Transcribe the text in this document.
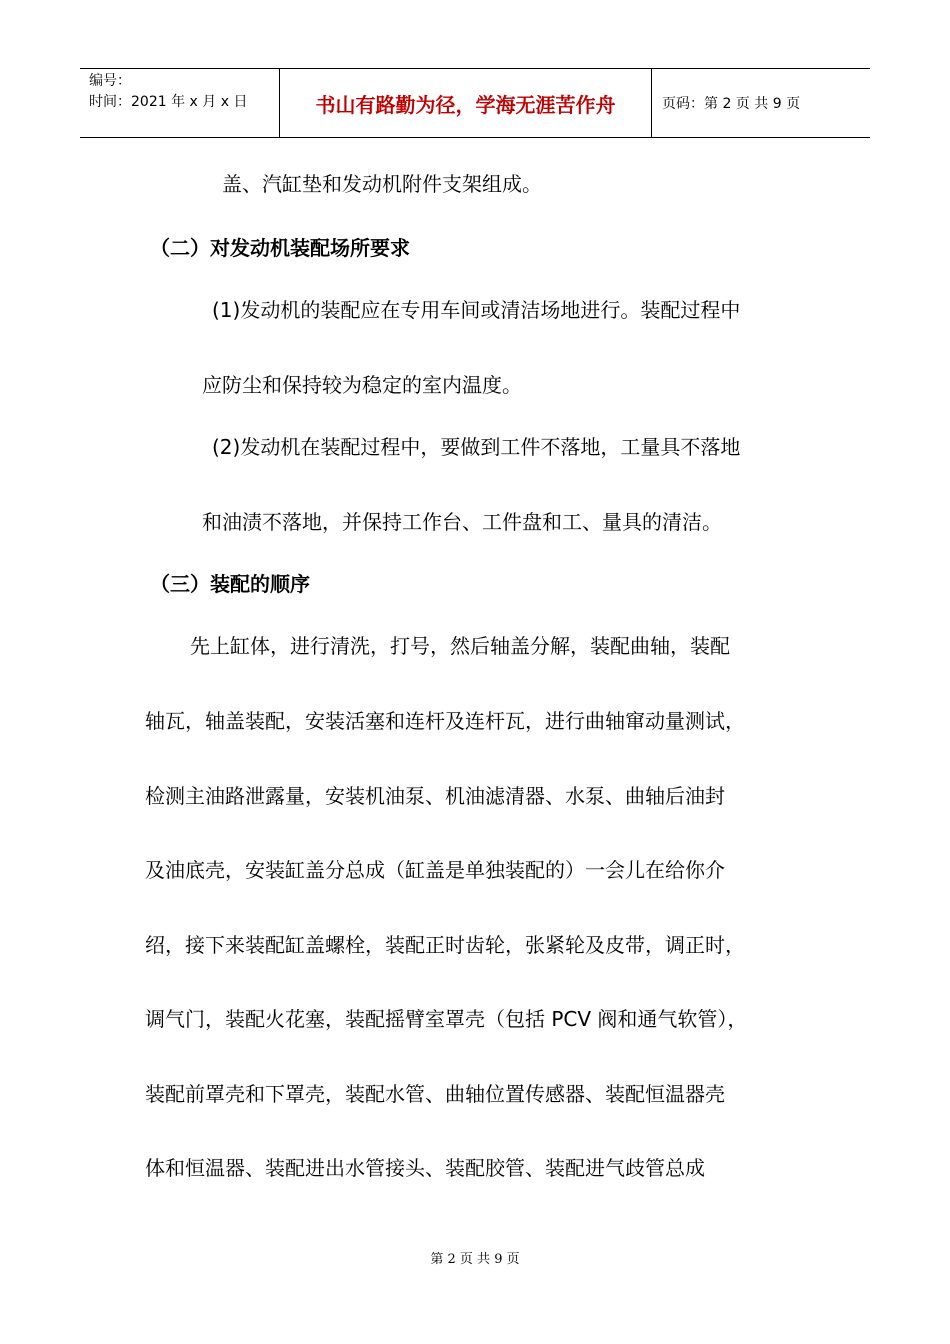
编号：
时间：2021 年 x 月 x 日	书山有路勤为径，学海无涯苦作舟	页码：第 2 页 共 9 页
盖、汽缸垫和发动机附件支架组成。
（二）对发动机装配场所要求
(1)发动机的装配应在专用车间或清洁场地进行。装配过程中
应防尘和保持较为稳定的室内温度。
(2)发动机在装配过程中，要做到工件不落地，工量具不落地
和油渍不落地，并保持工作台、工件盘和工、量具的清洁。
（三）装配的顺序
先上缸体，进行清洗，打号，然后轴盖分解，装配曲轴，装配
轴瓦，轴盖装配，安装活塞和连杆及连杆瓦，进行曲轴窜动量测试，
检测主油路泄露量，安装机油泵、机油滤清器、水泵、曲轴后油封
及油底壳，安装缸盖分总成（缸盖是单独装配的）一会儿在给你介
绍，接下来装配缸盖螺栓，装配正时齿轮，张紧轮及皮带，调正时，
调气门，装配火花塞，装配摇臂室罩壳（包括 PCV 阀和通气软管），
装配前罩壳和下罩壳，装配水管、曲轴位置传感器、装配恒温器壳
体和恒温器、装配进出水管接头、装配胶管、装配进气歧管总成
第 2 页 共 9 页
